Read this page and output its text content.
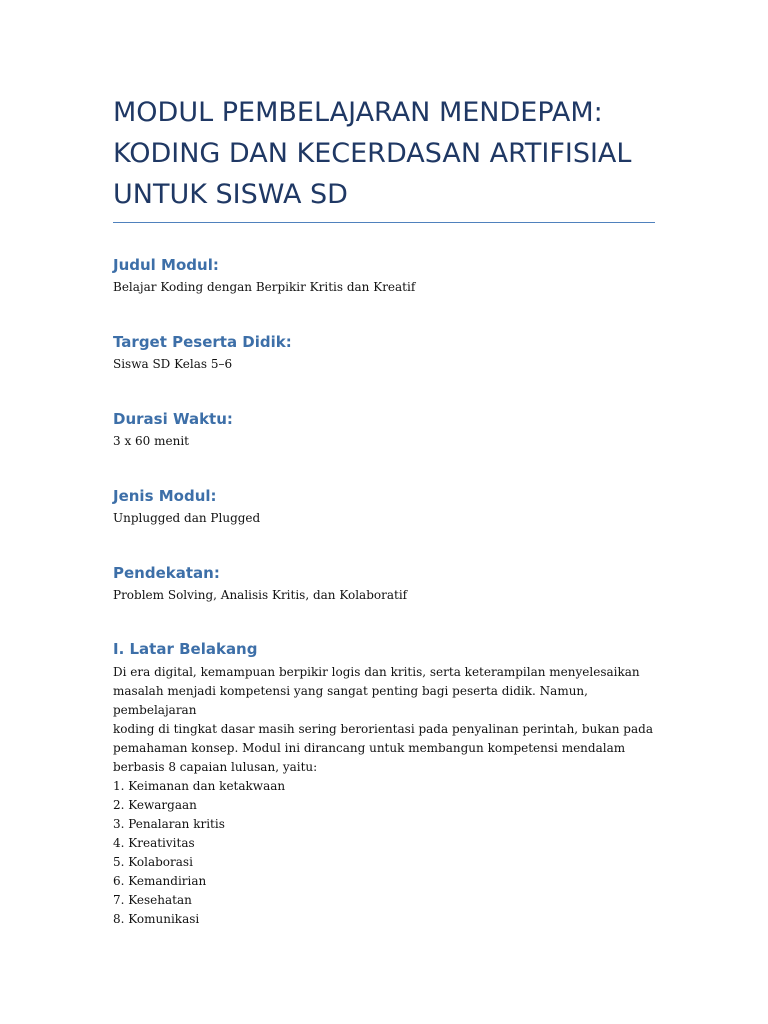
MODUL PEMBELAJARAN MENDEPAM:
KODING DAN KECERDASAN ARTIFISIAL
UNTUK SISWA SD

Judul Modul:

Belajar Koding dengan Berpikir Kritis dan Kreatif

Target Peserta Didik:

Siswa SD Kelas 5–6

Durasi Waktu:

3 x 60 menit

Jenis Modul:

Unplugged dan Plugged

Pendekatan:

Problem Solving, Analisis Kritis, dan Kolaboratif

I. Latar Belakang

Di era digital, kemampuan berpikir logis dan kritis, serta keterampilan menyelesaikan
masalah menjadi kompetensi yang sangat penting bagi peserta didik. Namun, pembelajaran
koding di tingkat dasar masih sering berorientasi pada penyalinan perintah, bukan pada
pemahaman konsep. Modul ini dirancang untuk membangun kompetensi mendalam
berbasis 8 capaian lulusan, yaitu:

1. Keimanan dan ketakwaan
2. Kewargaan
3. Penalaran kritis
4. Kreativitas
5. Kolaborasi
6. Kemandirian
7. Kesehatan
8. Komunikasi
